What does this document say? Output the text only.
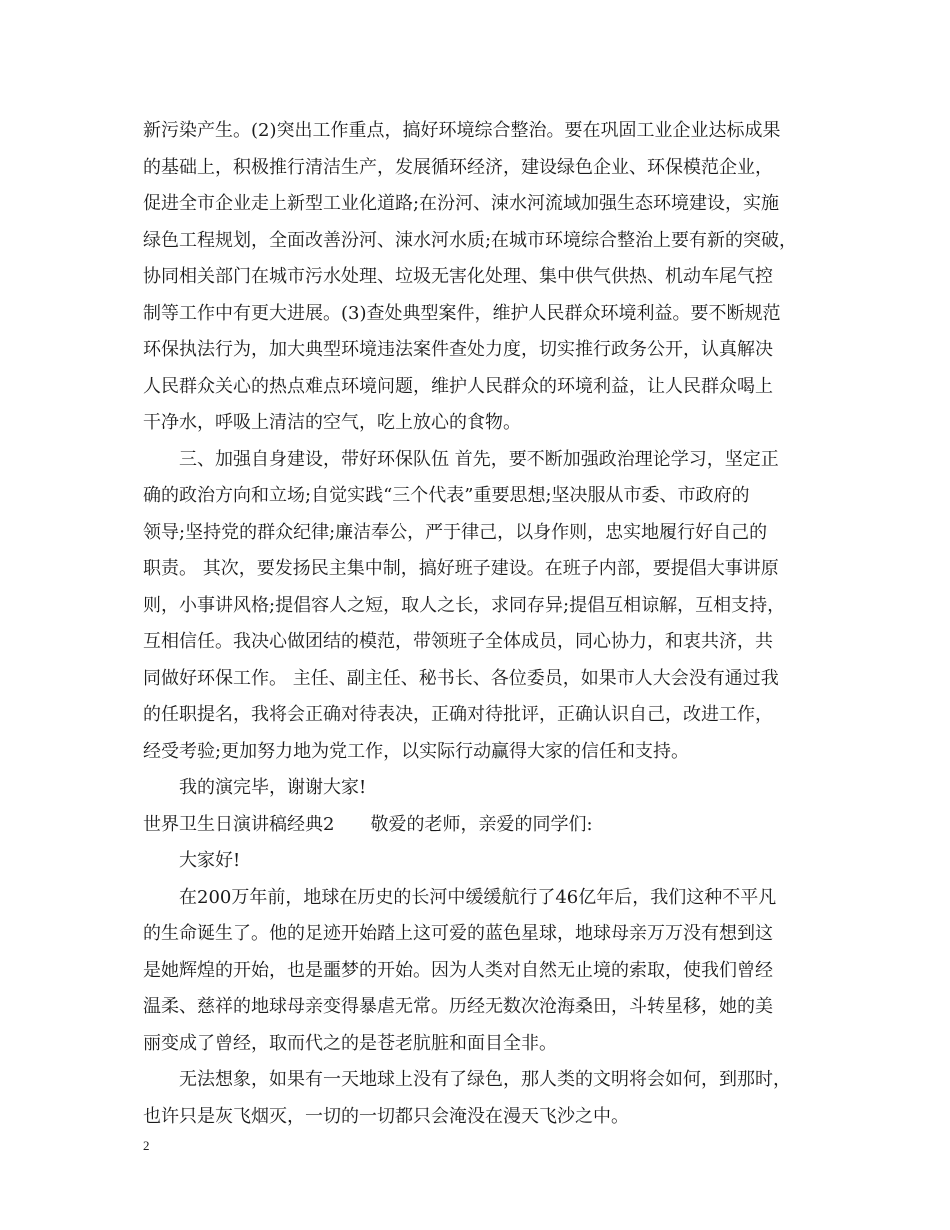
新污染产生。(2)突出工作重点，搞好环境综合整治。要在巩固工业企业达标成果
的基础上，积极推行清洁生产，发展循环经济，建设绿色企业、环保模范企业，
促进全市企业走上新型工业化道路;在汾河、涑水河流域加强生态环境建设，实施
绿色工程规划，全面改善汾河、涑水河水质;在城市环境综合整治上要有新的突破，
协同相关部门在城市污水处理、垃圾无害化处理、集中供气供热、机动车尾气控
制等工作中有更大进展。(3)查处典型案件，维护人民群众环境利益。要不断规范
环保执法行为，加大典型环境违法案件查处力度，切实推行政务公开，认真解决
人民群众关心的热点难点环境问题，维护人民群众的环境利益，让人民群众喝上
干净水，呼吸上清洁的空气，吃上放心的食物。
三、加强自身建设，带好环保队伍 首先，要不断加强政治理论学习，坚定正
确的政治方向和立场;自觉实践“三个代表”重要思想;坚决服从市委、市政府的
领导;坚持党的群众纪律;廉洁奉公，严于律己，以身作则，忠实地履行好自己的
职责。 其次，要发扬民主集中制，搞好班子建设。在班子内部，要提倡大事讲原
则，小事讲风格;提倡容人之短，取人之长，求同存异;提倡互相谅解，互相支持，
互相信任。我决心做团结的模范，带领班子全体成员，同心协力，和衷共济，共
同做好环保工作。 主任、副主任、秘书长、各位委员，如果市人大会没有通过我
的任职提名，我将会正确对待表决，正确对待批评，正确认识自己，改进工作，
经受考验;更加努力地为党工作，以实际行动赢得大家的信任和支持。
我的演完毕，谢谢大家!
世界卫生日演讲稿经典2　　敬爱的老师，亲爱的同学们:
大家好!
在200万年前，地球在历史的长河中缓缓航行了46亿年后，我们这种不平凡
的生命诞生了。他的足迹开始踏上这可爱的蓝色星球，地球母亲万万没有想到这
是她辉煌的开始，也是噩梦的开始。因为人类对自然无止境的索取，使我们曾经
温柔、慈祥的地球母亲变得暴虐无常。历经无数次沧海桑田，斗转星移，她的美
丽变成了曾经，取而代之的是苍老肮脏和面目全非。
无法想象，如果有一天地球上没有了绿色，那人类的文明将会如何，到那时，
也许只是灰飞烟灭，一切的一切都只会淹没在漫天飞沙之中。
2
